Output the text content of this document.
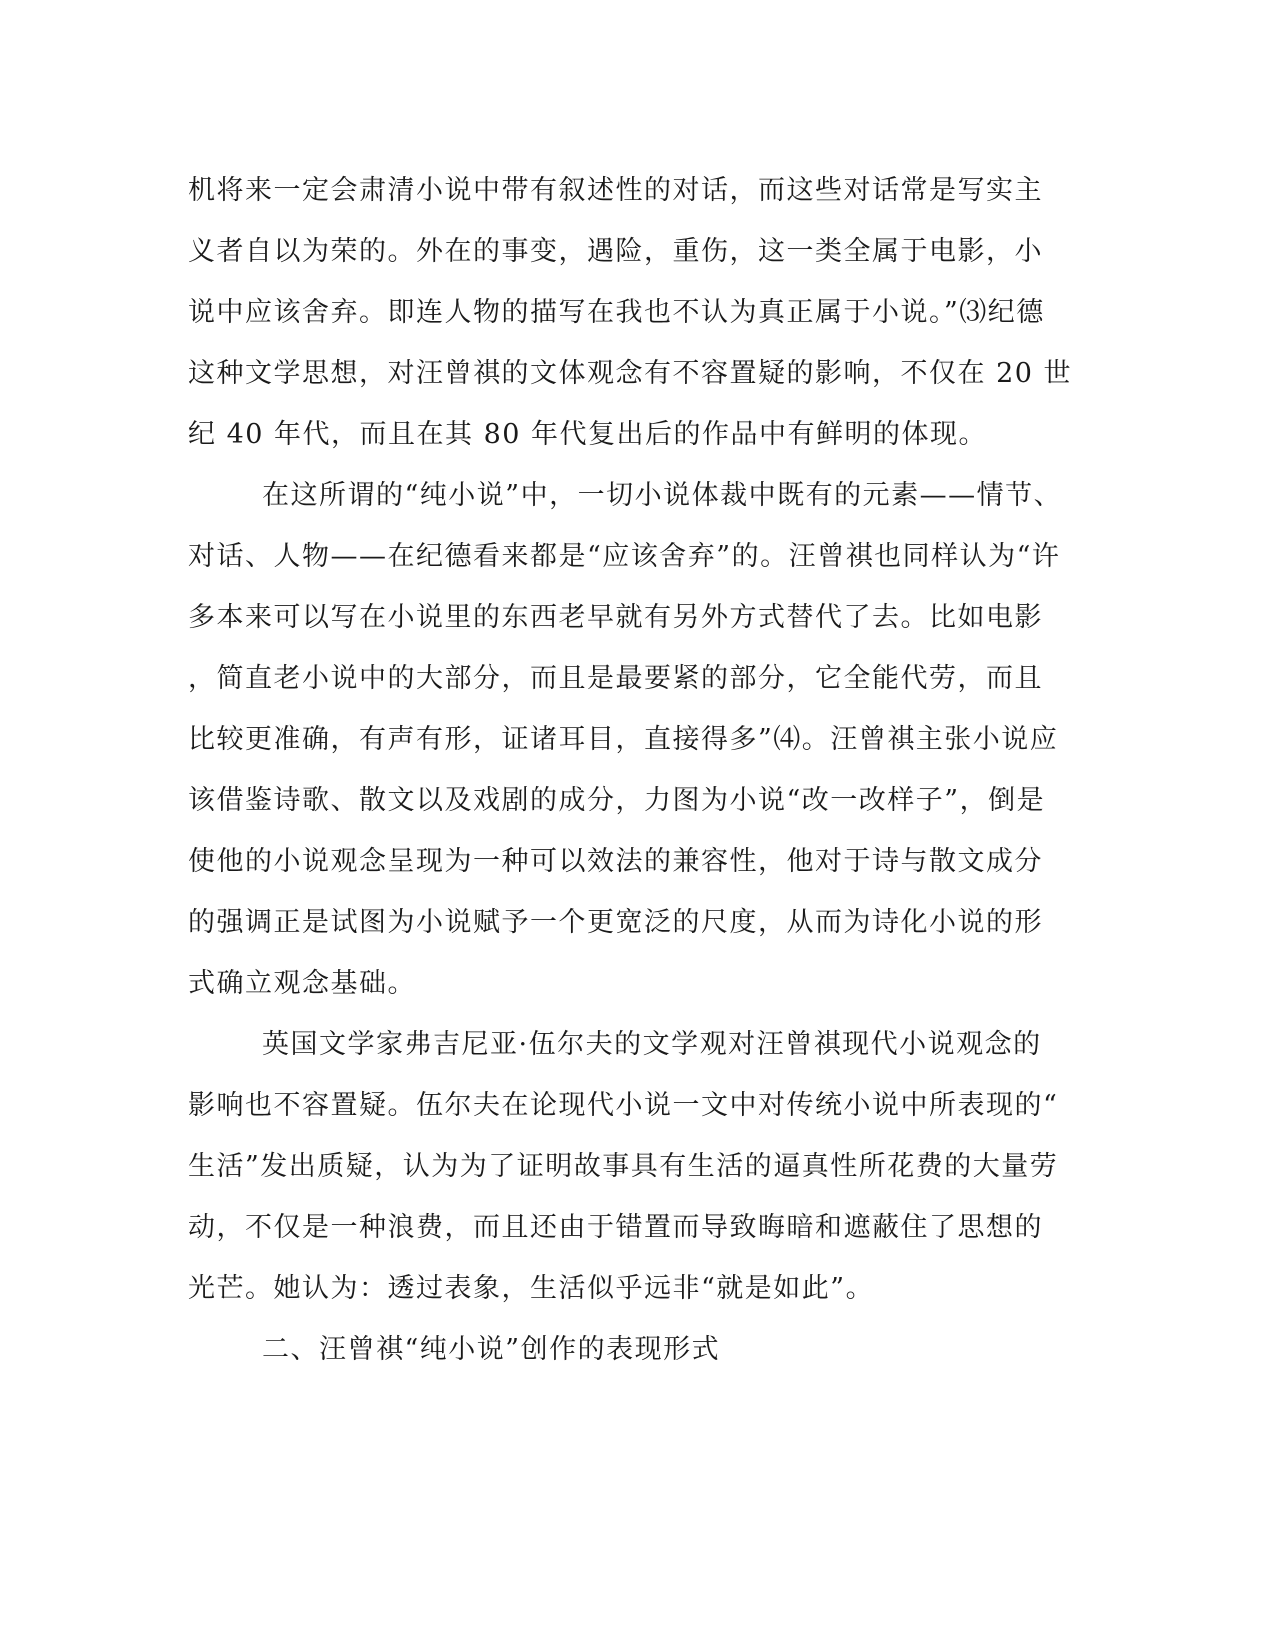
机将来一定会肃清小说中带有叙述性的对话，而这些对话常是写实主
义者自以为荣的。外在的事变，遇险，重伤，这一类全属于电影，小
说中应该舍弃。即连人物的描写在我也不认为真正属于小说。”⑶纪德
这种文学思想，对汪曾祺的文体观念有不容置疑的影响，不仅在 20 世
纪 40 年代，而且在其 80 年代复出后的作品中有鲜明的体现。
在这所谓的“纯小说”中，一切小说体裁中既有的元素——情节、
对话、人物——在纪德看来都是“应该舍弃”的。汪曾祺也同样认为“许
多本来可以写在小说里的东西老早就有另外方式替代了去。比如电影
，简直老小说中的大部分，而且是最要紧的部分，它全能代劳，而且
比较更准确，有声有形，证诸耳目，直接得多”⑷。汪曾祺主张小说应
该借鉴诗歌、散文以及戏剧的成分，力图为小说“改一改样子”，倒是
使他的小说观念呈现为一种可以效法的兼容性，他对于诗与散文成分
的强调正是试图为小说赋予一个更宽泛的尺度，从而为诗化小说的形
式确立观念基础。
英国文学家弗吉尼亚·伍尔夫的文学观对汪曾祺现代小说观念的
影响也不容置疑。伍尔夫在论现代小说一文中对传统小说中所表现的“
生活”发出质疑，认为为了证明故事具有生活的逼真性所花费的大量劳
动，不仅是一种浪费，而且还由于错置而导致晦暗和遮蔽住了思想的
光芒。她认为：透过表象，生活似乎远非“就是如此”。
二、汪曾祺“纯小说”创作的表现形式
